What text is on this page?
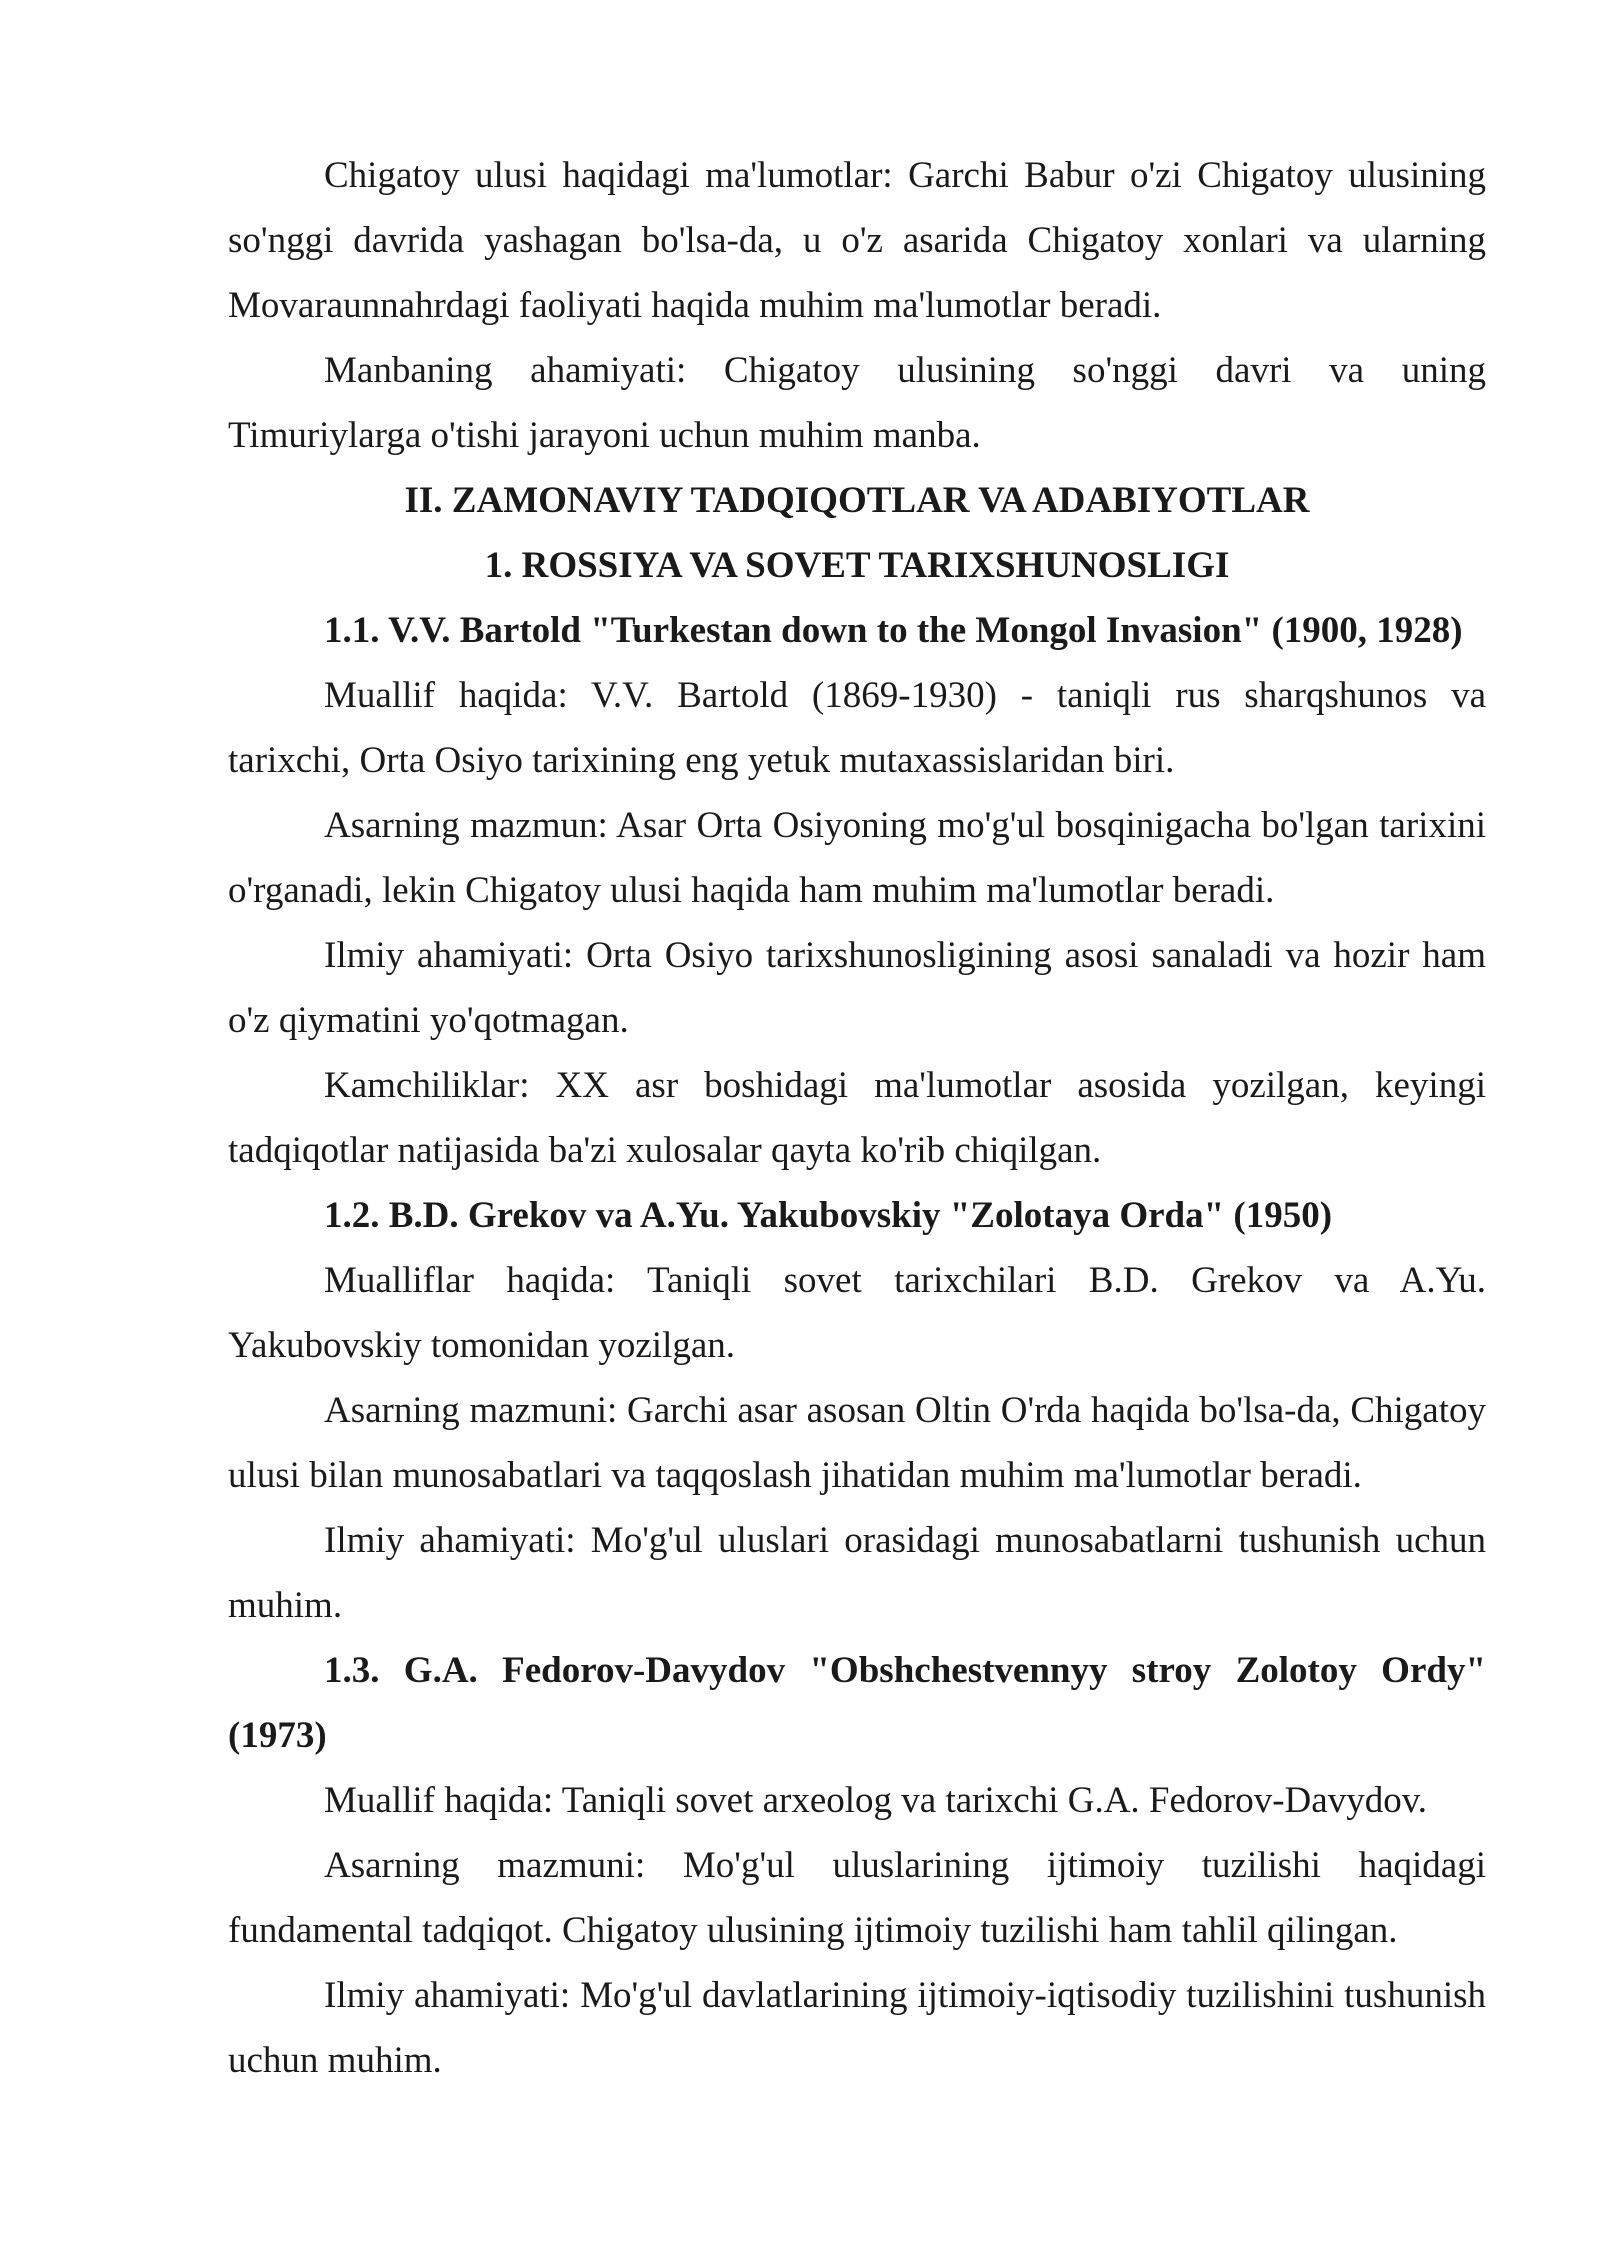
Chigatoy ulusi haqidagi ma'lumotlar: Garchi Babur o'zi Chigatoy ulusining so'nggi davrida yashagan bo'lsa-da, u o'z asarida Chigatoy xonlari va ularning Movaraunnahrdagi faoliyati haqida muhim ma'lumotlar beradi.

Manbaning ahamiyati: Chigatoy ulusining so'nggi davri va uning Timuriylarga o'tishi jarayoni uchun muhim manba.

II. ZAMONAVIY TADQIQOTLAR VA ADABIYOTLAR

1. ROSSIYA VA SOVET TARIXSHUNOSLIGI

1.1. V.V. Bartold "Turkestan down to the Mongol Invasion" (1900, 1928)

Muallif haqida: V.V. Bartold (1869-1930) - taniqli rus sharqshunos va tarixchi, Orta Osiyo tarixining eng yetuk mutaxassislaridan biri.

Asarning mazmun: Asar Orta Osiyoning mo'g'ul bosqinigacha bo'lgan tarixini o'rganadi, lekin Chigatoy ulusi haqida ham muhim ma'lumotlar beradi.

Ilmiy ahamiyati: Orta Osiyo tarixshunosligining asosi sanaladi va hozir ham o'z qiymatini yo'qotmagan.

Kamchiliklar: XX asr boshidagi ma'lumotlar asosida yozilgan, keyingi tadqiqotlar natijasida ba'zi xulosalar qayta ko'rib chiqilgan.

1.2. B.D. Grekov va A.Yu. Yakubovskiy "Zolotaya Orda" (1950)

Mualliflar haqida: Taniqli sovet tarixchilari B.D. Grekov va A.Yu. Yakubovskiy tomonidan yozilgan.

Asarning mazmuni: Garchi asar asosan Oltin O'rda haqida bo'lsa-da, Chigatoy ulusi bilan munosabatlari va taqqoslash jihatidan muhim ma'lumotlar beradi.

Ilmiy ahamiyati: Mo'g'ul uluslari orasidagi munosabatlarni tushunish uchun muhim.

1.3. G.A. Fedorov-Davydov "Obshchestvennyy stroy Zolotoy Ordy" (1973)

Muallif haqida: Taniqli sovet arxeolog va tarixchi G.A. Fedorov-Davydov.

Asarning mazmuni: Mo'g'ul uluslarining ijtimoiy tuzilishi haqidagi fundamental tadqiqot. Chigatoy ulusining ijtimoiy tuzilishi ham tahlil qilingan.

Ilmiy ahamiyati: Mo'g'ul davlatlarining ijtimoiy-iqtisodiy tuzilishini tushunish uchun muhim.
